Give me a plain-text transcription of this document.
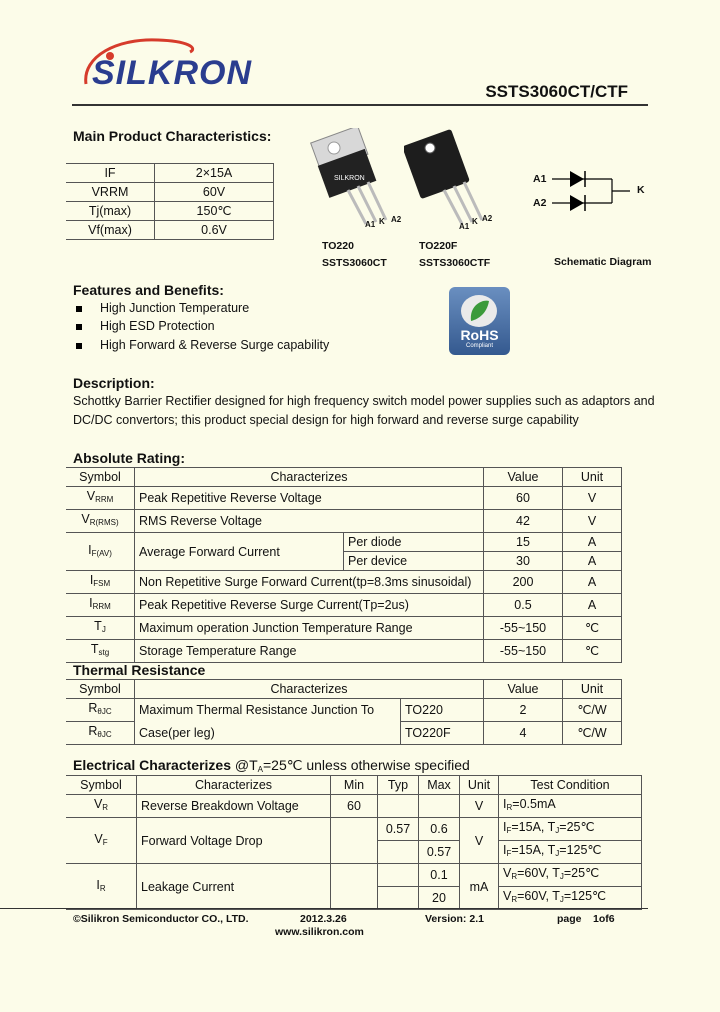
SILKRON	SSTS3060CT/CTF
Main Product Characteristics:
IF	2×15A
VRRM	60V
Tj(max)	150℃
Vf(max)	0.6V
SILKRON
A1 K A2
TO220
SSTS3060CT
A1
K A2
TO220F
SSTS3060CTF
A1
A2
K
Schematic Diagram
Features and Benefits:
High Junction Temperature
High ESD Protection
High Forward & Reverse Surge capability
RoHS
Compliant
Description:
Schottky Barrier Rectifier designed for high frequency switch model power supplies such as adaptors and DC/DC convertors; this product special design for high forward and reverse surge capability
Absolute Rating:
Symbol	Characterizes		Value	Unit
$V_{RRM}$	Peak Repetitive Reverse Voltage		60	V
$V_{R(RMS)}$	RMS Reverse Voltage		42	V
$I_{F(AV)}$	Average Forward Current	Per diode	15	A
		Per device	30	A
$I_{FSM}$	Non Repetitive Surge Forward Current(tp=8.3ms sinusoidal)		200	A
$I_{RRM}$	Peak Repetitive Reverse Surge Current(Tp=2us)		0.5	A
$T_J$	Maximum operation Junction Temperature Range		-55~150	℃
$T_{stg}$	Storage Temperature Range		-55~150	℃
Thermal Resistance
Symbol	Characterizes		Value	Unit
$R_{\theta JC}$	Maximum Thermal Resistance Junction To	TO220	2	℃/W
$R_{\theta JC}$	Case(per leg)	TO220F	4	℃/W
Electrical Characterizes $@T_A=25℃$ unless otherwise specified
Symbol	Characterizes	Min	Typ	Max	Unit	Test Condition
$V_R$	Reverse Breakdown Voltage	60			V	$I_R=0.5mA$
$V_F$	Forward Voltage Drop		0.57	0.6	V	$I_F=15A$, $T_J=25℃$
				0.57		$I_F=15A$, $T_J=125℃$
$I_R$	Leakage Current			0.1	mA	$V_R=60V$, $T_J=25℃$
				20		$V_R=60V$, $T_J=125℃$
©Silikron Semiconductor CO., LTD.	2012.3.26	Version: 2.1	page 1of6
www.silikron.com
